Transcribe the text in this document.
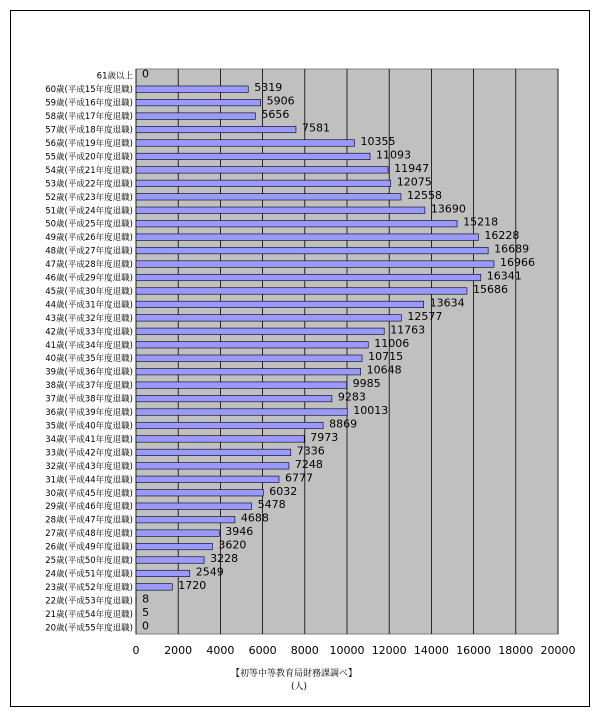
61歳以上
60歳(平成15年度退職)
59歳(平成16年度退職)
58歳(平成17年度退職)
57歳(平成18年度退職)
56歳(平成19年度退職)
55歳(平成20年度退職)
54歳(平成21年度退職)
53歳(平成22年度退職)
52歳(平成23年度退職)
51歳(平成24年度退職)
50歳(平成25年度退職)
49歳(平成26年度退職)
48歳(平成27年度退職)
47歳(平成28年度退職)
46歳(平成29年度退職)
45歳(平成30年度退職)
44歳(平成31年度退職)
43歳(平成32年度退職)
42歳(平成33年度退職)
41歳(平成34年度退職)
40歳(平成35年度退職)
39歳(平成36年度退職)
38歳(平成37年度退職)
37歳(平成38年度退職)
36歳(平成39年度退職)
35歳(平成40年度退職)
34歳(平成41年度退職)
33歳(平成42年度退職)
32歳(平成43年度退職)
31歳(平成44年度退職)
30歳(平成45年度退職)
29歳(平成46年度退職)
28歳(平成47年度退職)
27歳(平成48年度退職)
26歳(平成49年度退職)
25歳(平成50年度退職)
24歳(平成51年度退職)
23歳(平成52年度退職)
22歳(平成53年度退職)
21歳(平成54年度退職)
20歳(平成55年度退職)
0
5319
5906
5656
7581
10355
11093
11947
12075
12558
13690
15218
16228
16689
16966
16341
15686
13634
12577
11763
11006
10715
10648
9985
9283
10013
8869
7973
7336
7248
6777
6032
5478
4688
3946
3620
3228
2549
1720
8
5
0
0 2000 4000 6000 8000 10000 12000 14000 16000 18000 20000
【初等中等教育局財務課調べ】
(人)
